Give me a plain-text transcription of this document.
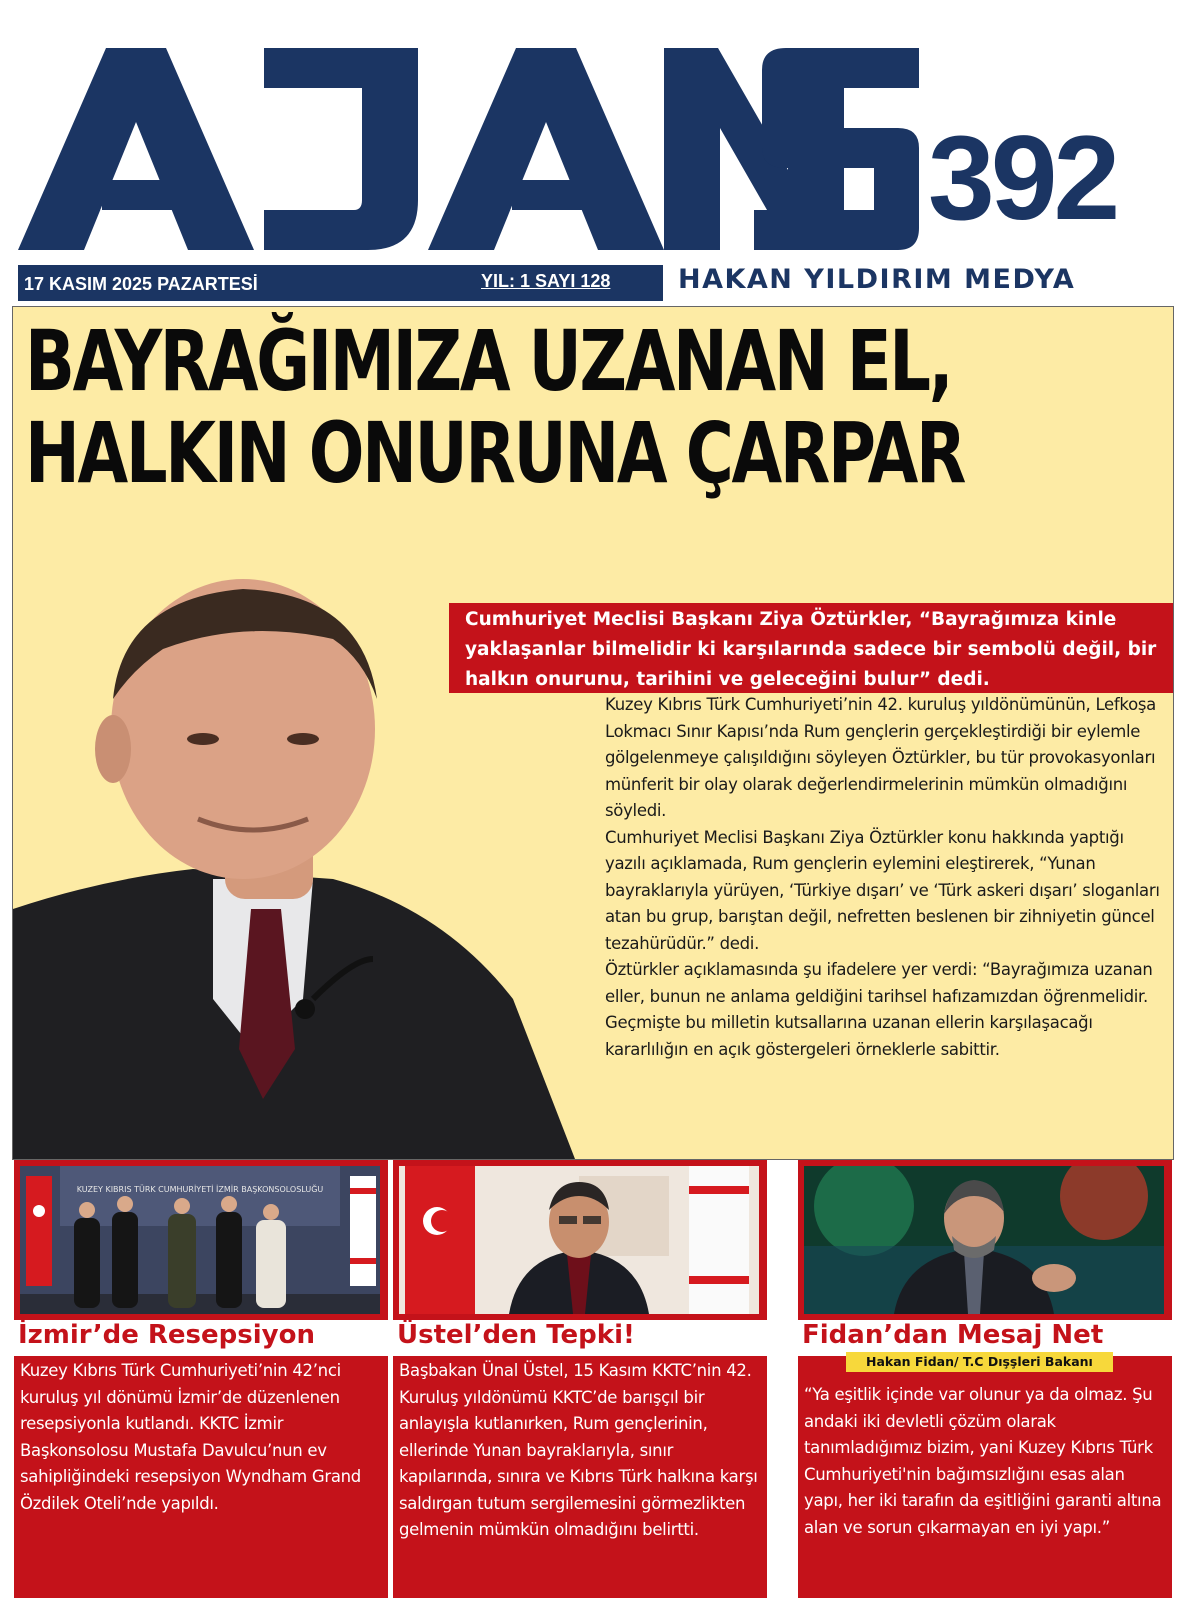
392
17 KASIM 2025 PAZARTESİ	YIL: 1 SAYI 128	HAKAN YILDIRIM MEDYA
BAYRAĞIMIZA UZANAN EL,
HALKIN ONURUNA ÇARPAR
Cumhuriyet Meclisi Başkanı Ziya Öztürkler, “Bayrağımıza kinle yaklaşanlar bilmelidir ki karşılarında sadece bir sembolü değil, bir halkın onurunu, tarihini ve geleceğini bulur” dedi.

Kuzey Kıbrıs Türk Cumhuriyeti’nin 42. kuruluş yıldönümünün, Lefkoşa Lokmacı Sınır Kapısı’nda Rum gençlerin gerçekleştirdiği bir eylemle gölgelenmeye çalışıldığını söyleyen Öztürkler, bu tür provokasyonları münferit bir olay olarak değerlendirmelerinin mümkün olmadığını söyledi.

Cumhuriyet Meclisi Başkanı Ziya Öztürkler konu hakkında yaptığı yazılı açıklamada, Rum gençlerin eylemini eleştirerek, “Yunan bayraklarıyla yürüyen, ‘Türkiye dışarı’ ve ‘Türk askeri dışarı’ sloganları atan bu grup, barıştan değil, nefretten beslenen bir zihniyetin güncel tezahürüdür.” dedi.

Öztürkler açıklamasında şu ifadelere yer verdi: “Bayrağımıza uzanan eller, bunun ne anlama geldiğini tarihsel hafızamızdan öğrenmelidir. Geçmişte bu milletin kutsallarına uzanan ellerin karşılaşacağı kararlılığın en açık göstergeleri örneklerle sabittir.

KUZEY KIBRIS TÜRK CUMHURİYETİ İZMİR BAŞKONSOLOSLUĞU
İzmir’de Resepsiyon

Kuzey Kıbrıs Türk Cumhuriyeti’nin 42’nci kuruluş yıl dönümü İzmir’de düzenlenen resepsiyonla kutlandı. KKTC İzmir Başkonsolosu Mustafa Davulcu’nun ev sahipliğindeki resepsiyon Wyndham Grand Özdilek Oteli’nde yapıldı.

Üstel’den Tepki!

Başbakan Ünal Üstel, 15 Kasım KKTC’nin 42. Kuruluş yıldönümü KKTC’de barışçıl bir anlayışla kutlanırken, Rum gençlerinin, ellerinde Yunan bayraklarıyla, sınır kapılarında, sınıra ve Kıbrıs Türk halkına karşı saldırgan tutum sergilemesini görmezlikten gelmenin mümkün olmadığını belirtti.

Fidan’dan Mesaj Net

“Ya eşitlik içinde var olunur ya da olmaz. Şu andaki iki devletli çözüm olarak tanımladığımız bizim, yani Kuzey Kıbrıs Türk Cumhuriyeti'nin bağımsızlığını esas alan yapı, her iki tarafın da eşitliğini garanti altına alan ve sorun çıkarmayan en iyi yapı.”

Hakan Fidan/ T.C Dışşleri Bakanı
